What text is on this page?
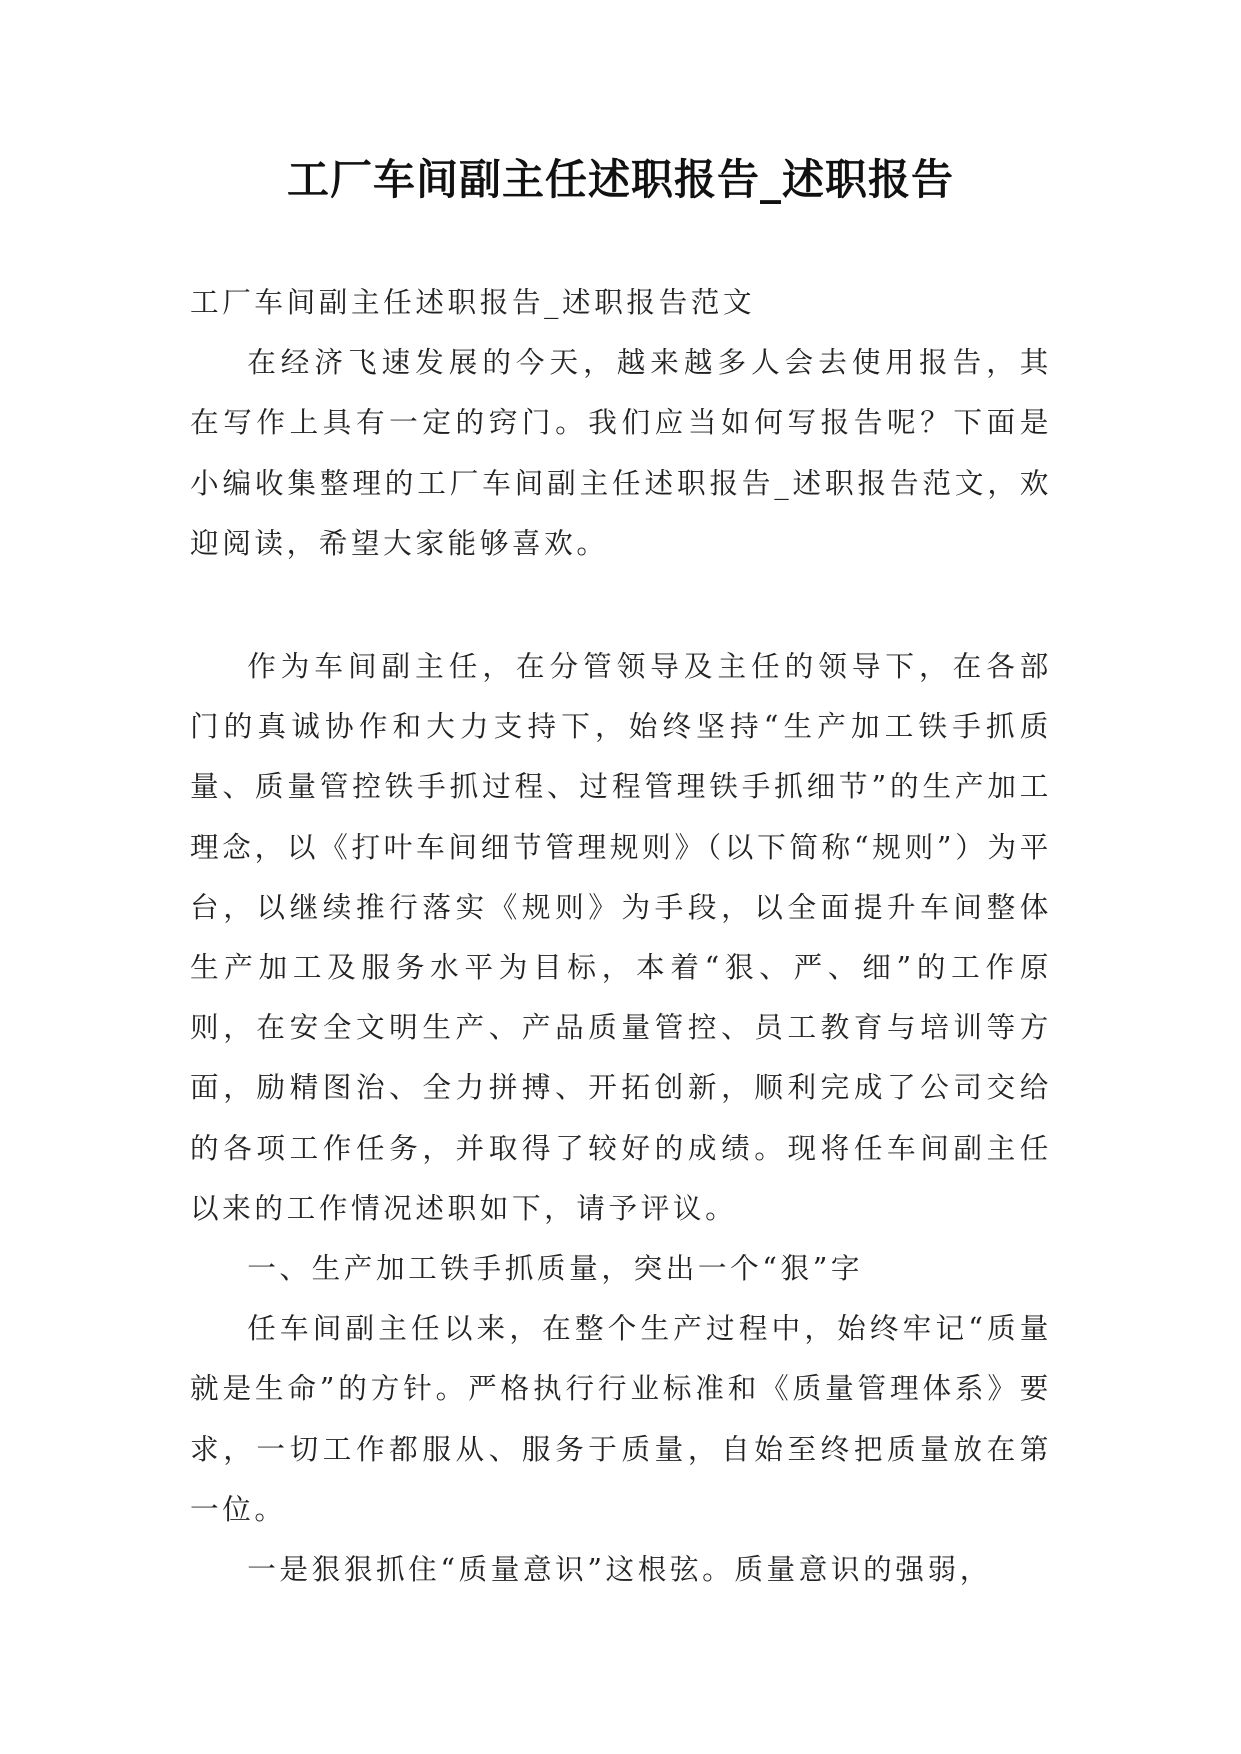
工厂车间副主任述职报告_述职报告

工厂车间副主任述职报告_述职报告范文

在经济飞速发展的今天，越来越多人会去使用报告，其在写作上具有一定的窍门。我们应当如何写报告呢？下面是小编收集整理的工厂车间副主任述职报告_述职报告范文，欢迎阅读，希望大家能够喜欢。

作为车间副主任，在分管领导及主任的领导下，在各部门的真诚协作和大力支持下，始终坚持“生产加工铁手抓质量、质量管控铁手抓过程、过程管理铁手抓细节”的生产加工理念，以《打叶车间细节管理规则》（以下简称“规则”）为平台，以继续推行落实《规则》为手段，以全面提升车间整体生产加工及服务水平为目标，本着“狠、严、细”的工作原则，在安全文明生产、产品质量管控、员工教育与培训等方面，励精图治、全力拼搏、开拓创新，顺利完成了公司交给的各项工作任务，并取得了较好的成绩。现将任车间副主任以来的工作情况述职如下，请予评议。

一、生产加工铁手抓质量，突出一个“狠”字

任车间副主任以来，在整个生产过程中，始终牢记“质量就是生命”的方针。严格执行行业标准和《质量管理体系》要求，一切工作都服从、服务于质量，自始至终把质量放在第一位。

一是狠狠抓住“质量意识”这根弦。质量意识的强弱，
